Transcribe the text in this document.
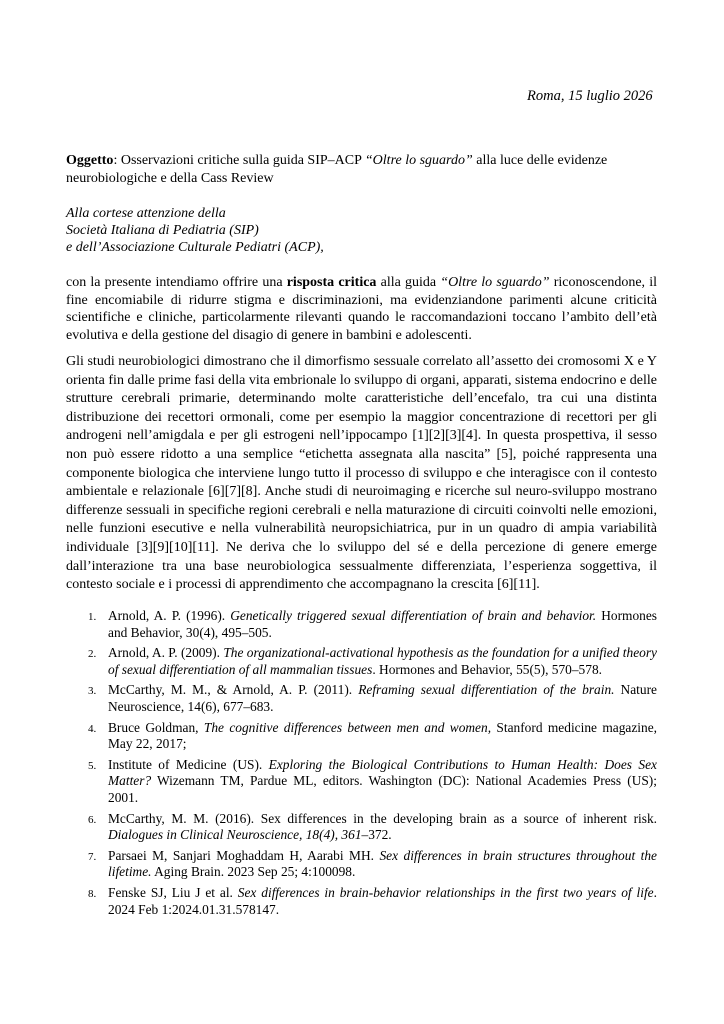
Roma, 15 luglio 2026
Oggetto: Osservazioni critiche sulla guida SIP–ACP “Oltre lo sguardo” alla luce delle evidenze neurobiologiche e della Cass Review
Alla cortese attenzione della
Società Italiana di Pediatria (SIP)
e dell’Associazione Culturale Pediatri (ACP),
con la presente intendiamo offrire una risposta critica alla guida “Oltre lo sguardo” riconoscendone, il fine encomiabile di ridurre stigma e discriminazioni, ma evidenziandone parimenti alcune criticità scientifiche e cliniche, particolarmente rilevanti quando le raccomandazioni toccano l’ambito dell’età evolutiva e della gestione del disagio di genere in bambini e adolescenti.
Gli studi neurobiologici dimostrano che il dimorfismo sessuale correlato all’assetto dei cromosomi X e Y orienta fin dalle prime fasi della vita embrionale lo sviluppo di organi, apparati, sistema endocrino e delle strutture cerebrali primarie, determinando molte caratteristiche dell’encefalo, tra cui una distinta distribuzione dei recettori ormonali, come per esempio la maggior concentrazione di recettori per gli androgeni nell’amigdala e per gli estrogeni nell’ippocampo [1][2][3][4]. In questa prospettiva, il sesso non può essere ridotto a una semplice “etichetta assegnata alla nascita” [5], poiché rappresenta una componente biologica che interviene lungo tutto il processo di sviluppo e che interagisce con il contesto ambientale e relazionale [6][7][8]. Anche studi di neuroimaging e ricerche sul neuro-sviluppo mostrano differenze sessuali in specifiche regioni cerebrali e nella maturazione di circuiti coinvolti nelle emozioni, nelle funzioni esecutive e nella vulnerabilità neuropsichiatrica, pur in un quadro di ampia variabilità individuale [3][9][10][11]. Ne deriva che lo sviluppo del sé e della percezione di genere emerge dall’interazione tra una base neurobiologica sessualmente differenziata, l’esperienza soggettiva, il contesto sociale e i processi di apprendimento che accompagnano la crescita [6][11].
1. Arnold, A. P. (1996). Genetically triggered sexual differentiation of brain and behavior. Hormones and Behavior, 30(4), 495–505.
2. Arnold, A. P. (2009). The organizational-activational hypothesis as the foundation for a unified theory of sexual differentiation of all mammalian tissues. Hormones and Behavior, 55(5), 570–578.
3. McCarthy, M. M., & Arnold, A. P. (2011). Reframing sexual differentiation of the brain. Nature Neuroscience, 14(6), 677–683.
4. Bruce Goldman, The cognitive differences between men and women, Stanford medicine magazine, May 22, 2017;
5. Institute of Medicine (US). Exploring the Biological Contributions to Human Health: Does Sex Matter? Wizemann TM, Pardue ML, editors. Washington (DC): National Academies Press (US); 2001.
6. McCarthy, M. M. (2016). Sex differences in the developing brain as a source of inherent risk. Dialogues in Clinical Neuroscience, 18(4), 361–372.
7. Parsaei M, Sanjari Moghaddam H, Aarabi MH. Sex differences in brain structures throughout the lifetime. Aging Brain. 2023 Sep 25; 4:100098.
8. Fenske SJ, Liu J et al. Sex differences in brain-behavior relationships in the first two years of life. 2024 Feb 1:2024.01.31.578147.
